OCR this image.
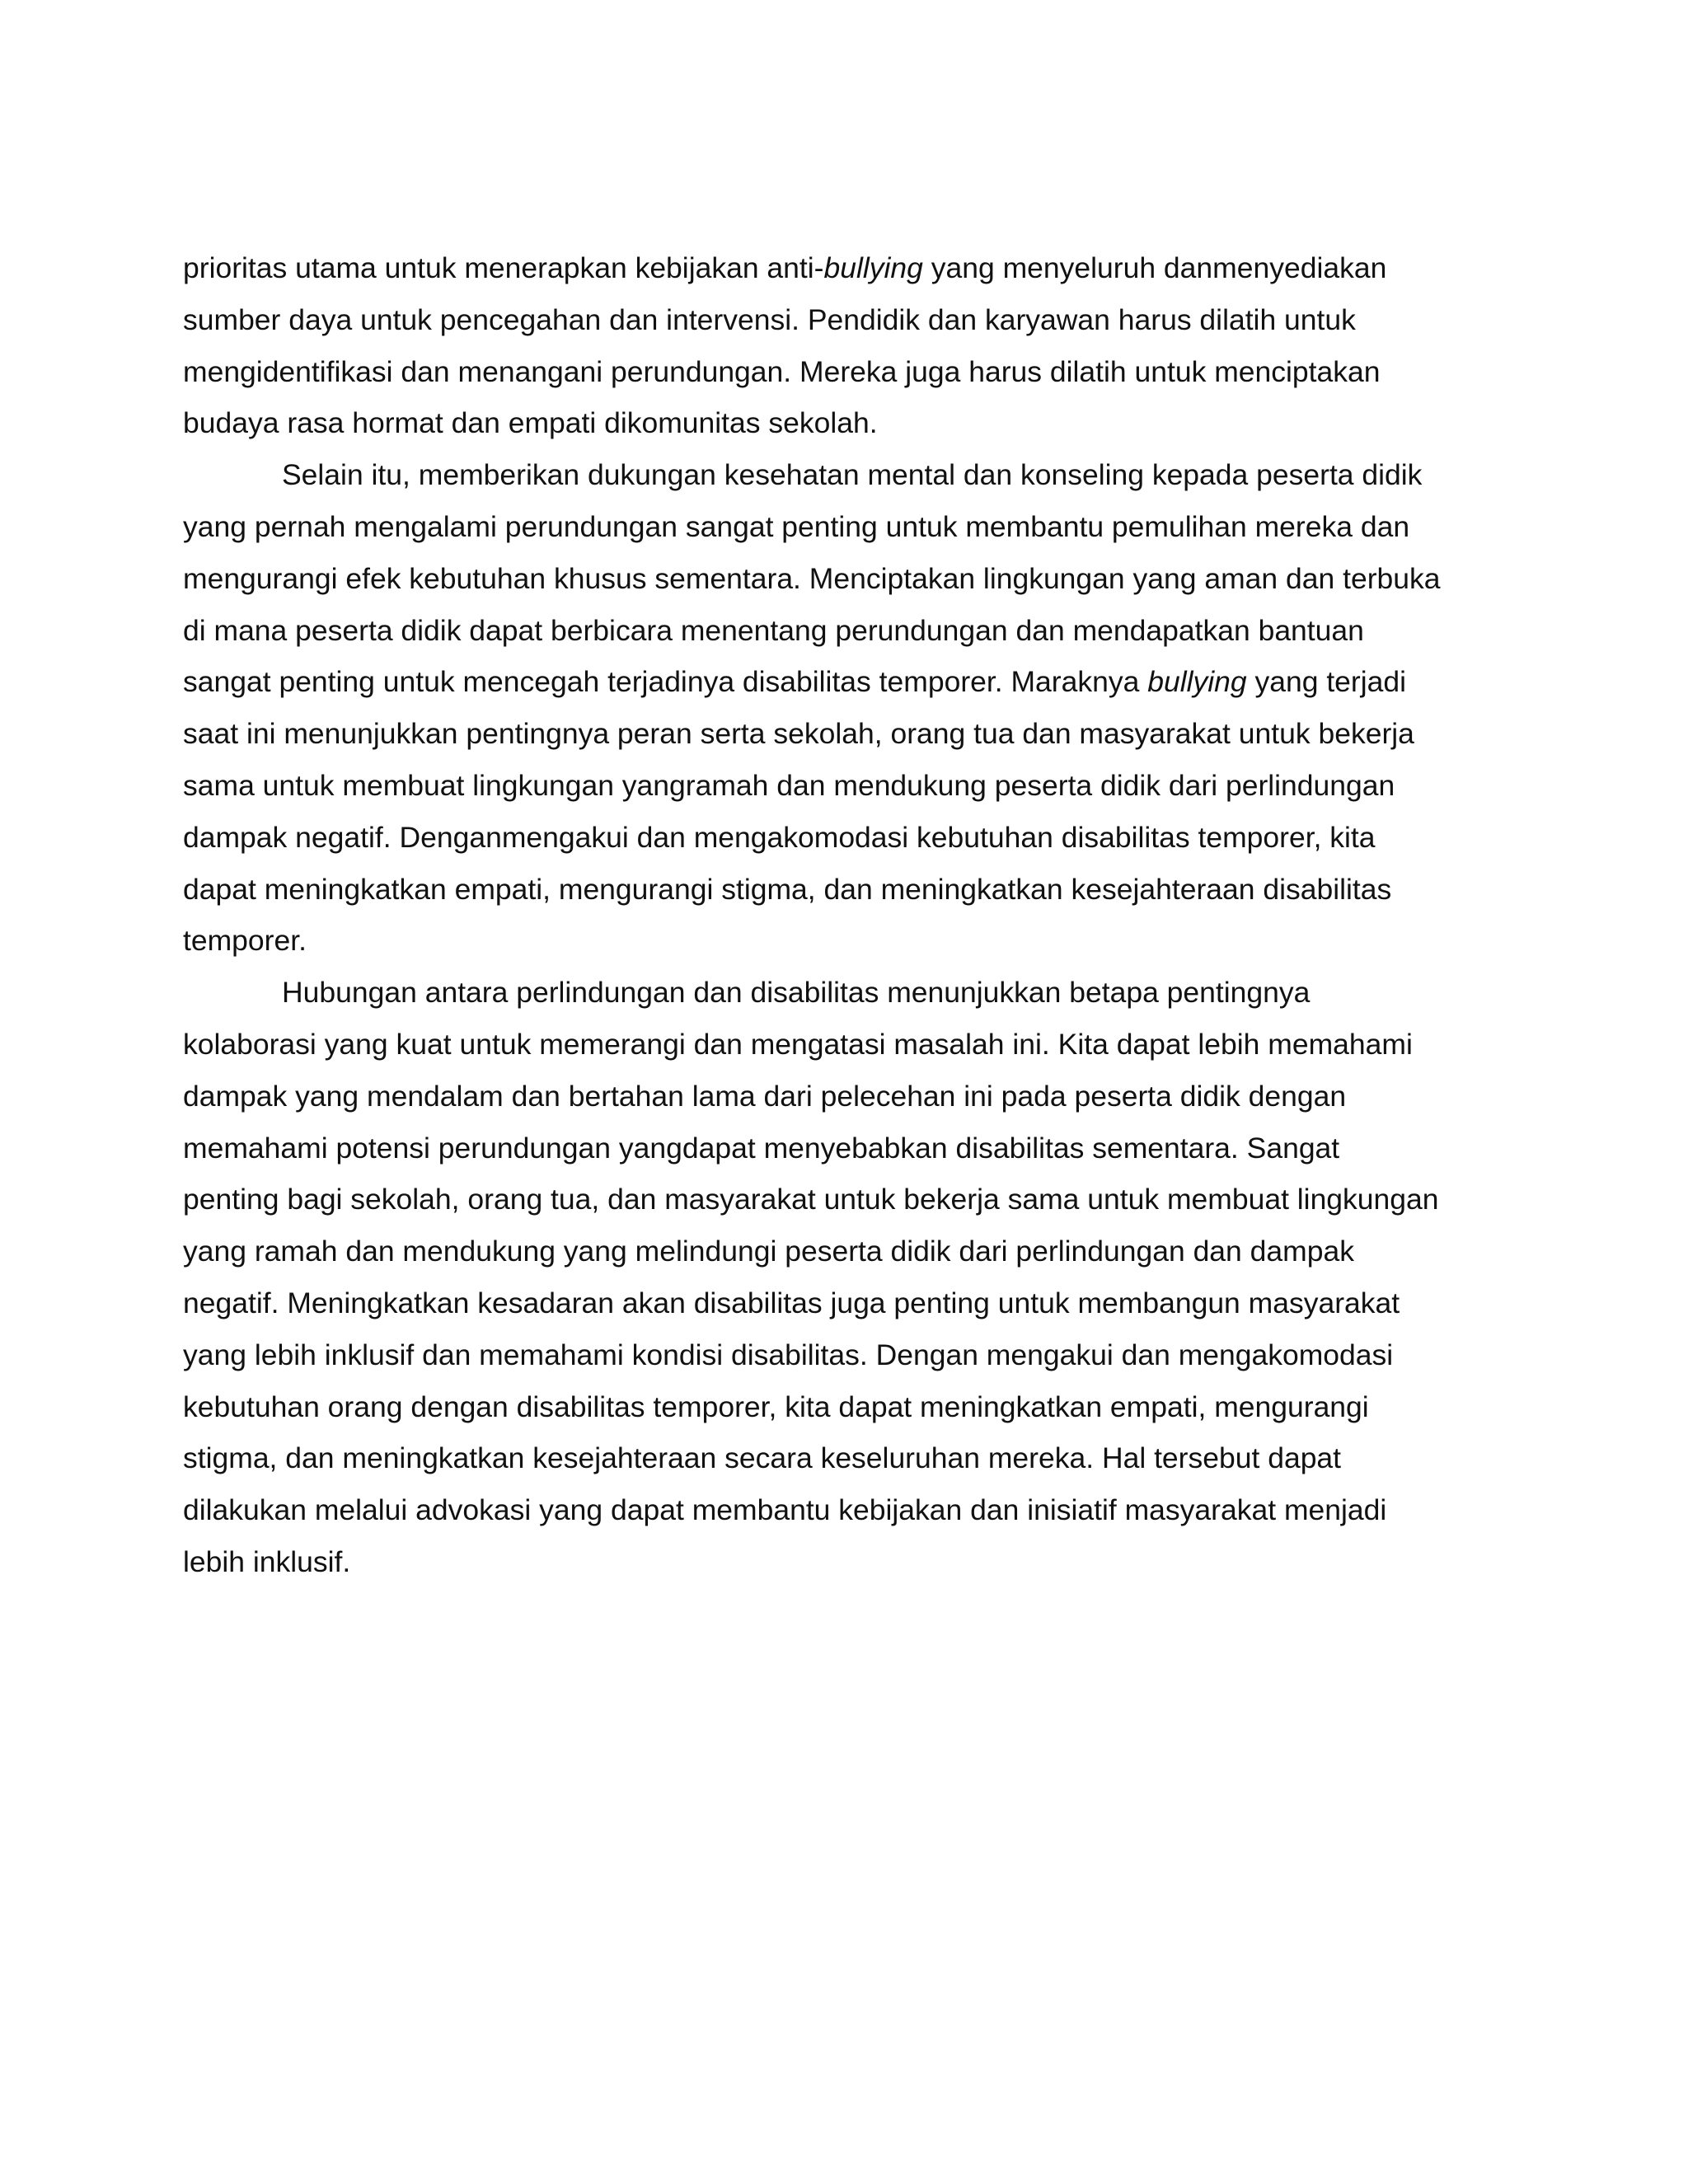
prioritas utama untuk menerapkan kebijakan anti-bullying yang menyeluruh danmenyediakan
sumber daya untuk pencegahan dan intervensi. Pendidik dan karyawan harus dilatih untuk
mengidentifikasi dan menangani perundungan. Mereka juga harus dilatih untuk menciptakan
budaya rasa hormat dan empati dikomunitas sekolah.
Selain itu, memberikan dukungan kesehatan mental dan konseling kepada peserta didik
yang pernah mengalami perundungan sangat penting untuk membantu pemulihan mereka dan
mengurangi efek kebutuhan khusus sementara. Menciptakan lingkungan yang aman dan terbuka
di mana peserta didik dapat berbicara menentang perundungan dan mendapatkan bantuan
sangat penting untuk mencegah terjadinya disabilitas temporer. Maraknya bullying yang terjadi
saat ini menunjukkan pentingnya peran serta sekolah, orang tua dan masyarakat untuk bekerja
sama untuk membuat lingkungan yangramah dan mendukung peserta didik dari perlindungan
dampak negatif. Denganmengakui dan mengakomodasi kebutuhan disabilitas temporer, kita
dapat meningkatkan empati, mengurangi stigma, dan meningkatkan kesejahteraan disabilitas
temporer.
Hubungan antara perlindungan dan disabilitas menunjukkan betapa pentingnya
kolaborasi yang kuat untuk memerangi dan mengatasi masalah ini. Kita dapat lebih memahami
dampak yang mendalam dan bertahan lama dari pelecehan ini pada peserta didik dengan
memahami potensi perundungan yangdapat menyebabkan disabilitas sementara. Sangat
penting bagi sekolah, orang tua, dan masyarakat untuk bekerja sama untuk membuat lingkungan
yang ramah dan mendukung yang melindungi peserta didik dari perlindungan dan dampak
negatif. Meningkatkan kesadaran akan disabilitas juga penting untuk membangun masyarakat
yang lebih inklusif dan memahami kondisi disabilitas. Dengan mengakui dan mengakomodasi
kebutuhan orang dengan disabilitas temporer, kita dapat meningkatkan empati, mengurangi
stigma, dan meningkatkan kesejahteraan secara keseluruhan mereka. Hal tersebut dapat
dilakukan melalui advokasi yang dapat membantu kebijakan dan inisiatif masyarakat menjadi
lebih inklusif.
